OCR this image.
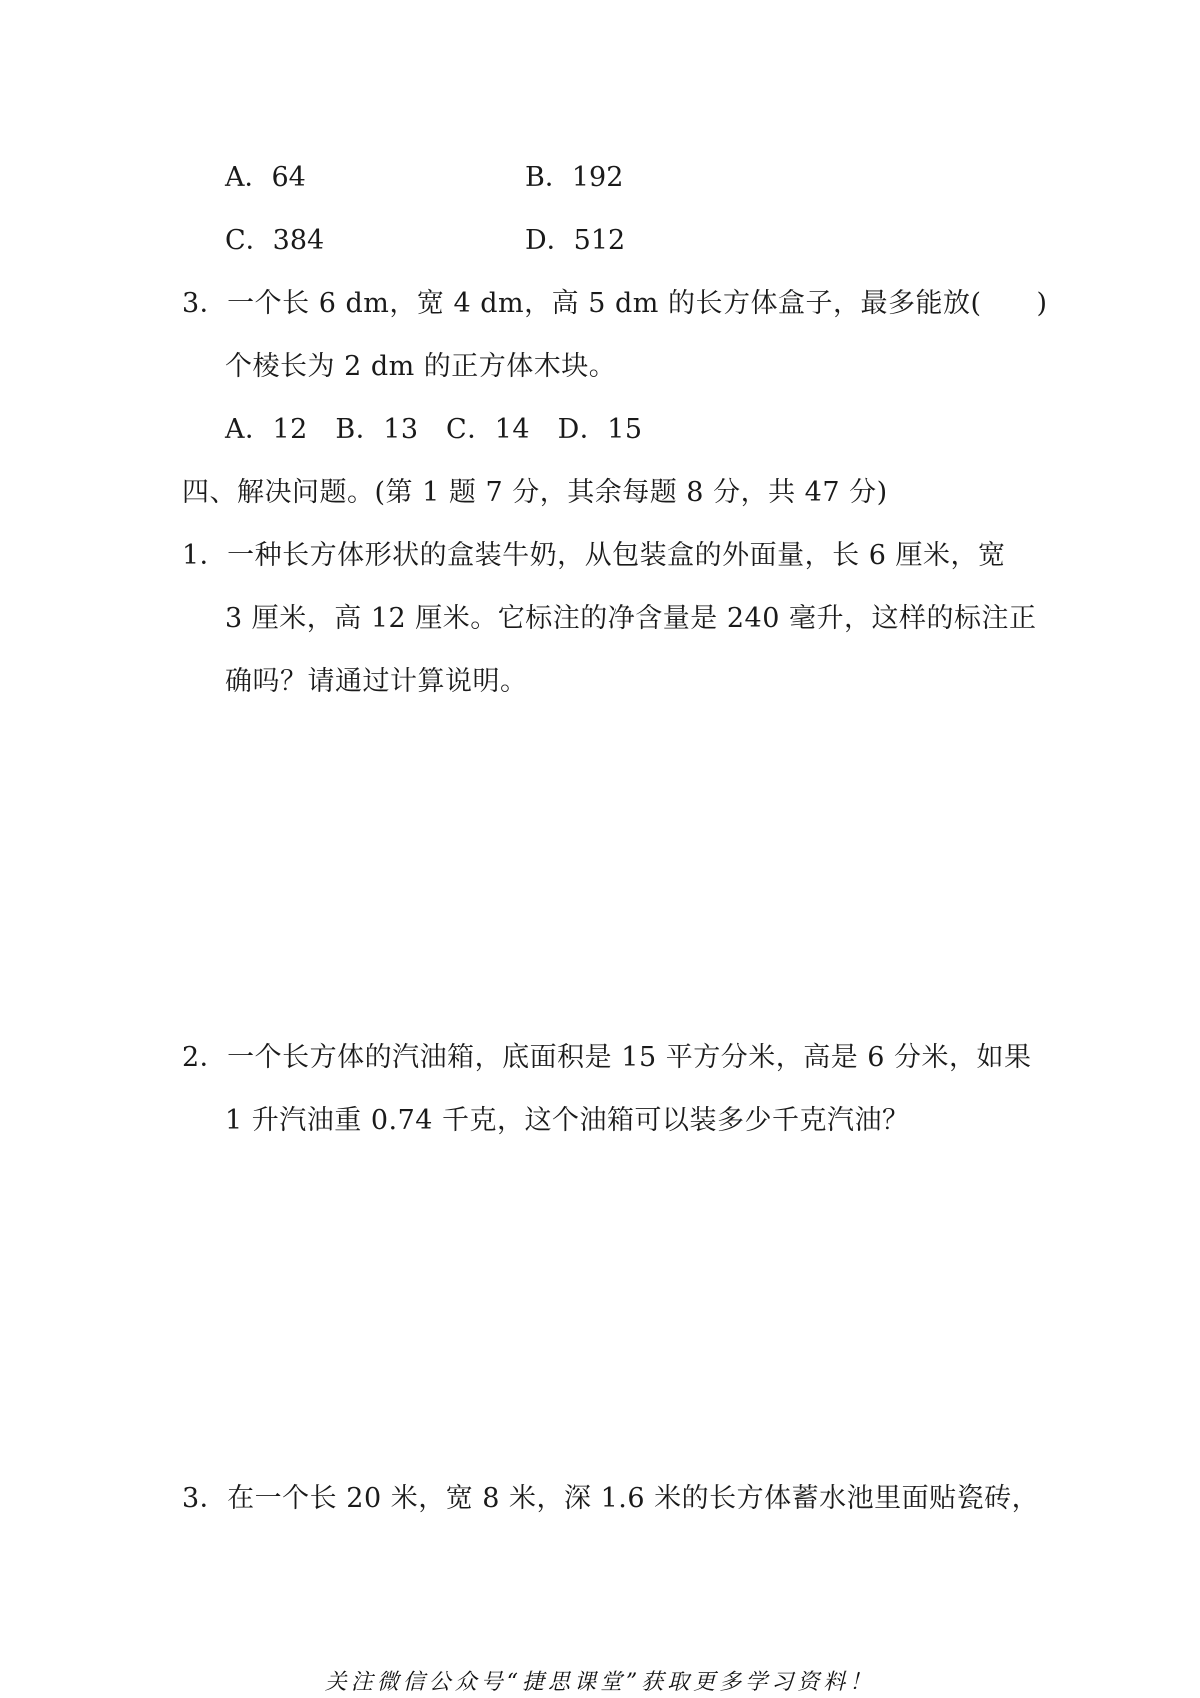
A．64	B．192
C．384	D．512
3．一个长 6 dm，宽 4 dm，高 5 dm 的长方体盒子，最多能放(　　)
个棱长为 2 dm 的正方体木块。
A．12　B．13　C．14　D．15
四、解决问题。(第 1 题 7 分，其余每题 8 分，共 47 分)
1．一种长方体形状的盒装牛奶，从包装盒的外面量，长 6 厘米，宽
3 厘米，高 12 厘米。它标注的净含量是 240 毫升，这样的标注正
确吗？请通过计算说明。
2．一个长方体的汽油箱，底面积是 15 平方分米，高是 6 分米，如果
1 升汽油重 0.74 千克，这个油箱可以装多少千克汽油？
3．在一个长 20 米，宽 8 米，深 1.6 米的长方体蓄水池里面贴瓷砖，
关注微信公众号“捷思课堂”获取更多学习资料！
